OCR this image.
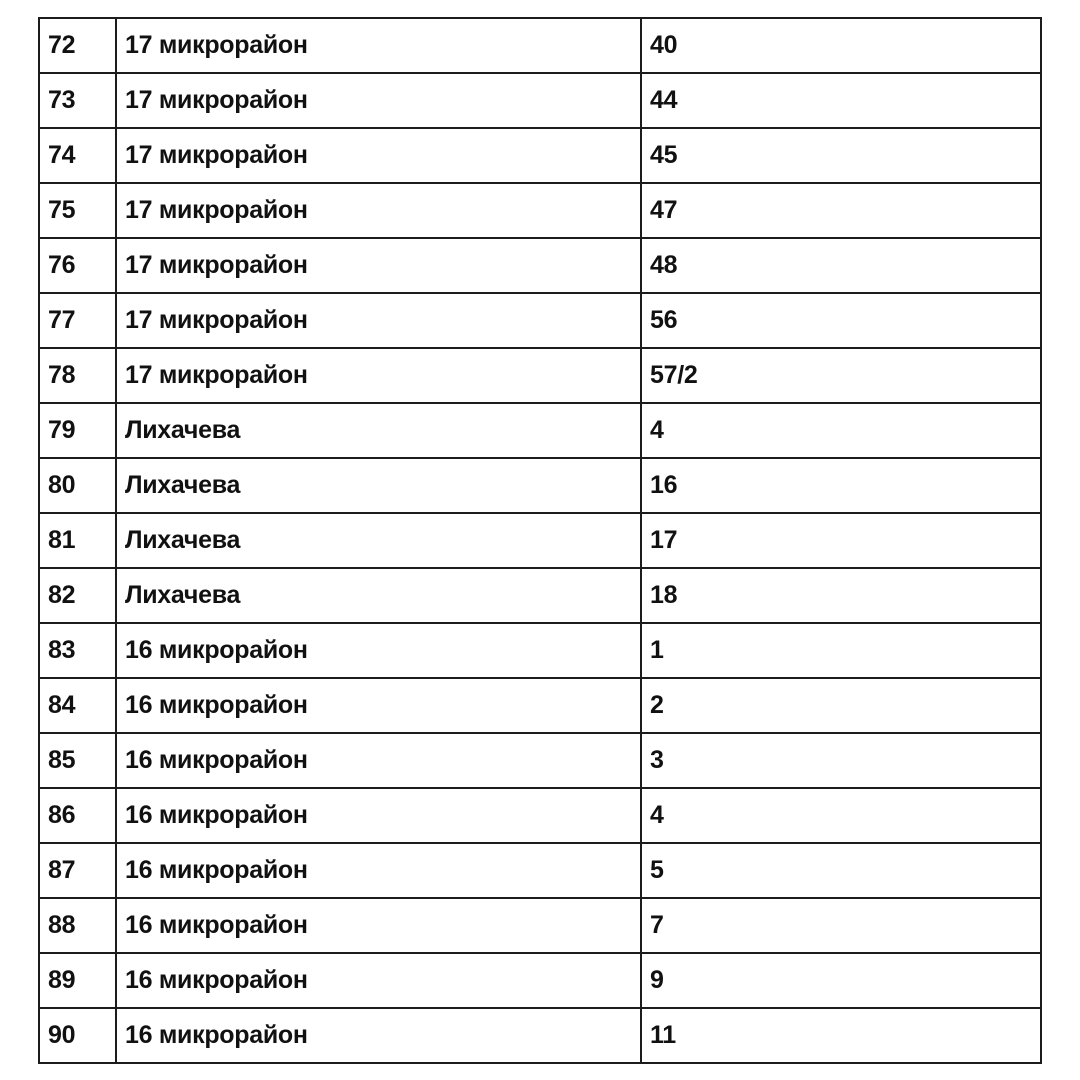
72	17 микрорайон	40
73	17 микрорайон	44
74	17 микрорайон	45
75	17 микрорайон	47
76	17 микрорайон	48
77	17 микрорайон	56
78	17 микрорайон	57/2
79	Лихачева	4
80	Лихачева	16
81	Лихачева	17
82	Лихачева	18
83	16 микрорайон	1
84	16 микрорайон	2
85	16 микрорайон	3
86	16 микрорайон	4
87	16 микрорайон	5
88	16 микрорайон	7
89	16 микрорайон	9
90	16 микрорайон	11
